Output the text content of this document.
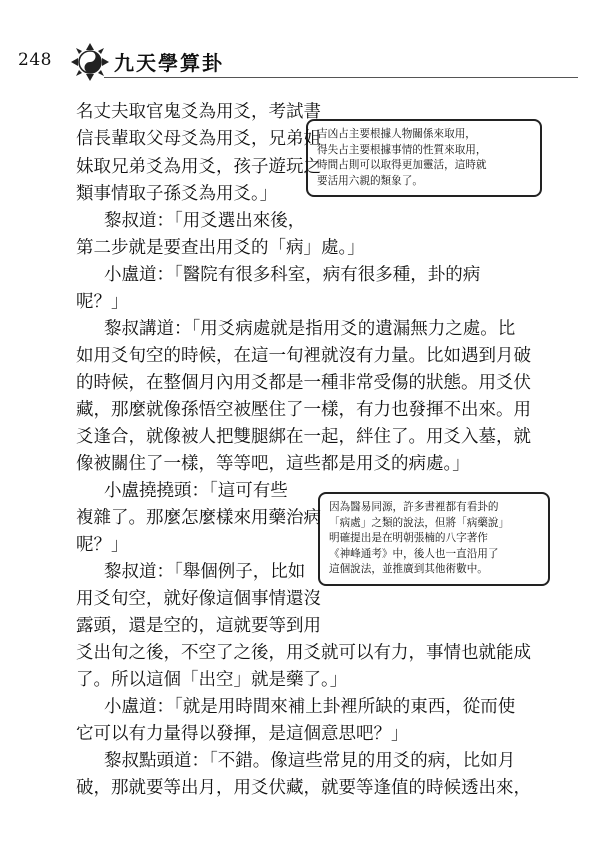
248	九天學算卦
吉凶占主要根據人物關係來取用，
得失占主要根據事情的性質來取用，
時間占則可以取得更加靈活，這時就
要活用六親的類象了。
因為醫易同源，許多書裡都有看卦的
「病處」之類的說法，但將「病藥說」
明確提出是在明朝張楠的八字著作
《神峰通考》中，後人也一直沿用了
這個說法，並推廣到其他術數中。
名丈夫取官鬼爻為用爻，考試書
信長輩取父母爻為用爻，兄弟姐
妹取兄弟爻為用爻，孩子遊玩之
類事情取子孫爻為用爻。」
黎叔道：「用爻選出來後，
第二步就是要查出用爻的「病」處。」
小盧道：「醫院有很多科室，病有很多種，卦的病
呢？」
黎叔講道：「用爻病處就是指用爻的遺漏無力之處。比
如用爻旬空的時候，在這一旬裡就沒有力量。比如遇到月破
的時候，在整個月內用爻都是一種非常受傷的狀態。用爻伏
藏，那麼就像孫悟空被壓住了一樣，有力也發揮不出來。用
爻逢合，就像被人把雙腿綁在一起，絆住了。用爻入墓，就
像被關住了一樣，等等吧，這些都是用爻的病處。」
小盧撓撓頭：「這可有些
複雜了。那麼怎麼樣來用藥治病
呢？」
黎叔道：「舉個例子，比如
用爻旬空，就好像這個事情還沒
露頭，還是空的，這就要等到用
爻出旬之後，不空了之後，用爻就可以有力，事情也就能成
了。所以這個「出空」就是藥了。」
小盧道：「就是用時間來補上卦裡所缺的東西，從而使
它可以有力量得以發揮，是這個意思吧？」
黎叔點頭道：「不錯。像這些常見的用爻的病，比如月
破，那就要等出月，用爻伏藏，就要等逢值的時候透出來，
